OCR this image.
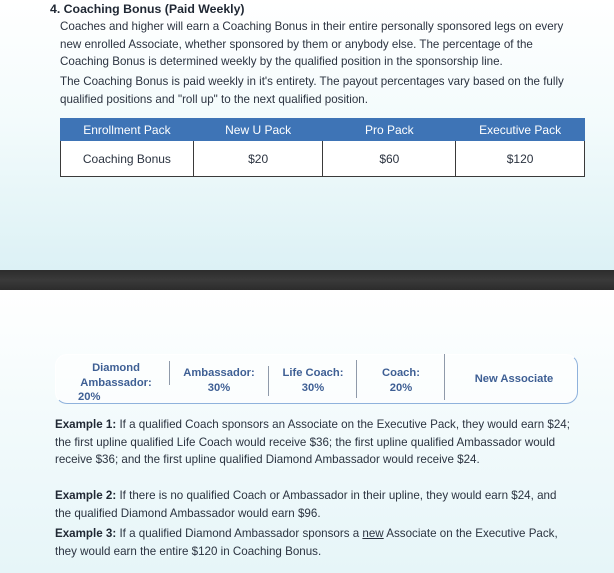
4. Coaching Bonus (Paid Weekly)

Coaches and higher will earn a Coaching Bonus in their entire personally sponsored legs on every new enrolled Associate, whether sponsored by them or anybody else. The percentage of the Coaching Bonus is determined weekly by the qualified position in the sponsorship line.

The Coaching Bonus is paid weekly in it's entirety. The payout percentages vary based on the fully qualified positions and "roll up" to the next qualified position.

Enrollment Pack	New U Pack	Pro Pack	Executive Pack
Coaching Bonus	$20	$60	$120
Diamond Ambassador:
20%
Ambassador:
30%
Life Coach:
30%
Coach:
20%
New Associate

Example 1: If a qualified Coach sponsors an Associate on the Executive Pack, they would earn $24; the first upline qualified Life Coach would receive $36; the first upline qualified Ambassador would receive $36; and the first upline qualified Diamond Ambassador would receive $24.

Example 2: If there is no qualified Coach or Ambassador in their upline, they would earn $24, and the qualified Diamond Ambassador would earn $96.

Example 3: If a qualified Diamond Ambassador sponsors a new Associate on the Executive Pack, they would earn the entire $120 in Coaching Bonus.
